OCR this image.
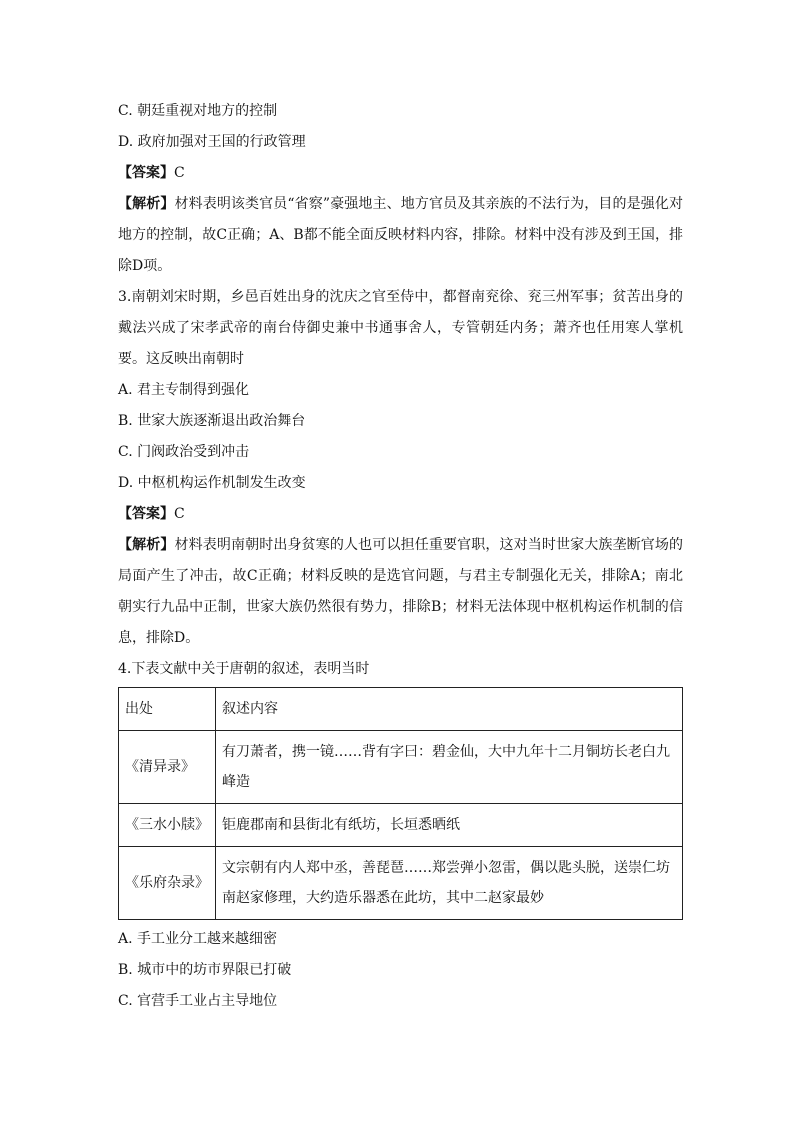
C. 朝廷重视对地方的控制
D. 政府加强对王国的行政管理
【答案】C

【解析】材料表明该类官员“省察”豪强地主、地方官员及其亲族的不法行为，目的是强化对地方的控制，故C正确；A、B都不能全面反映材料内容，排除。材料中没有涉及到王国，排除D项。

3.南朝刘宋时期，乡邑百姓出身的沈庆之官至侍中，都督南兖徐、兖三州军事；贫苦出身的戴法兴成了宋孝武帝的南台侍御史兼中书通事舍人，专管朝廷内务；萧齐也任用寒人掌机要。这反映出南朝时

A. 君主专制得到强化
B. 世家大族逐渐退出政治舞台
C. 门阀政治受到冲击
D. 中枢机构运作机制发生改变
【答案】C

【解析】材料表明南朝时出身贫寒的人也可以担任重要官职，这对当时世家大族垄断官场的局面产生了冲击，故C正确；材料反映的是选官问题，与君主专制强化无关，排除A；南北朝实行九品中正制，世家大族仍然很有势力，排除B；材料无法体现中枢机构运作机制的信息，排除D。

4.下表文献中关于唐朝的叙述，表明当时
出处	叙述内容
《清异录》	有刀萧者，携一镜……背有字曰：碧金仙，大中九年十二月铜坊长老白九峰造
《三水小牍》	钜鹿郡南和县街北有纸坊，长垣悉晒纸
《乐府杂录》	文宗朝有内人郑中丞，善琵琶……郑尝弹小忽雷，偶以匙头脱，送崇仁坊南赵家修理，大约造乐器悉在此坊，其中二赵家最妙
A. 手工业分工越来越细密
B. 城市中的坊市界限已打破
C. 官营手工业占主导地位
